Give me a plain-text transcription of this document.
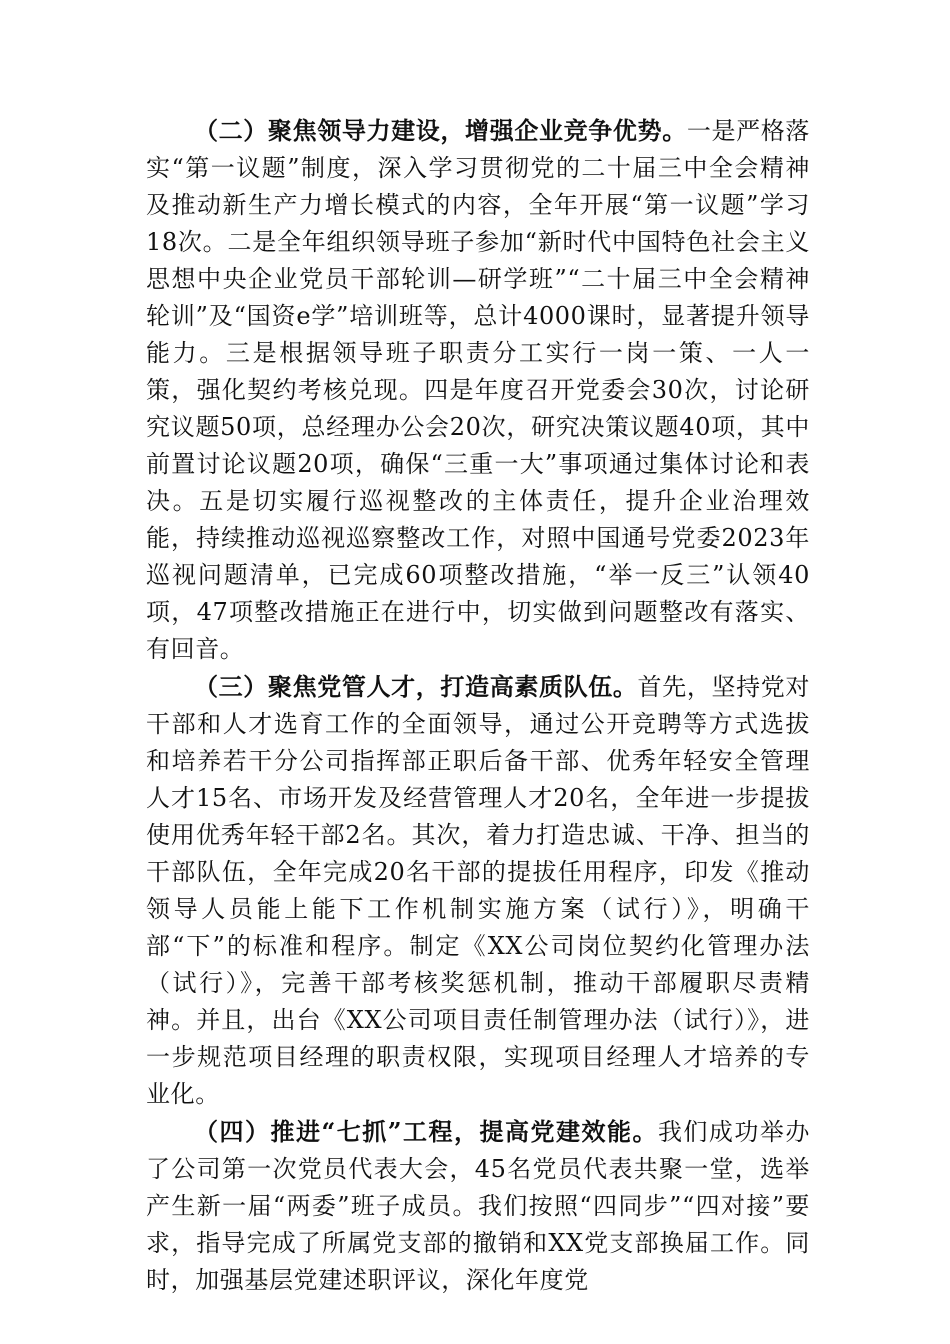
（二）聚焦领导力建设，增强企业竞争优势。一是严格落实“第一议题”制度，深入学习贯彻党的二十届三中全会精神及推动新生产力增长模式的内容，全年开展“第一议题”学习18次。二是全年组织领导班子参加“新时代中国特色社会主义思想中央企业党员干部轮训—研学班”“二十届三中全会精神轮训”及“国资e学”培训班等，总计4000课时，显著提升领导能力。三是根据领导班子职责分工实行一岗一策、一人一策，强化契约考核兑现。四是年度召开党委会30次，讨论研究议题50项，总经理办公会20次，研究决策议题40项，其中前置讨论议题20项，确保“三重一大”事项通过集体讨论和表决。五是切实履行巡视整改的主体责任，提升企业治理效能，持续推动巡视巡察整改工作，对照中国通号党委2023年巡视问题清单，已完成60项整改措施，“举一反三”认领40项，47项整改措施正在进行中，切实做到问题整改有落实、有回音。

（三）聚焦党管人才，打造高素质队伍。首先，坚持党对干部和人才选育工作的全面领导，通过公开竞聘等方式选拔和培养若干分公司指挥部正职后备干部、优秀年轻安全管理人才15名、市场开发及经营管理人才20名，全年进一步提拔使用优秀年轻干部2名。其次，着力打造忠诚、干净、担当的干部队伍，全年完成20名干部的提拔任用程序，印发《推动领导人员能上能下工作机制实施方案（试行）》，明确干部“下”的标准和程序。制定《XX公司岗位契约化管理办法（试行）》，完善干部考核奖惩机制，推动干部履职尽责精神。并且，出台《XX公司项目责任制管理办法（试行）》，进一步规范项目经理的职责权限，实现项目经理人才培养的专业化。

（四）推进“七抓”工程，提高党建效能。我们成功举办了公司第一次党员代表大会，45名党员代表共聚一堂，选举产生新一届“两委”班子成员。我们按照“四同步”“四对接”要求，指导完成了所属党支部的撤销和XX党支部换届工作。同时，加强基层党建述职评议，深化年度党
